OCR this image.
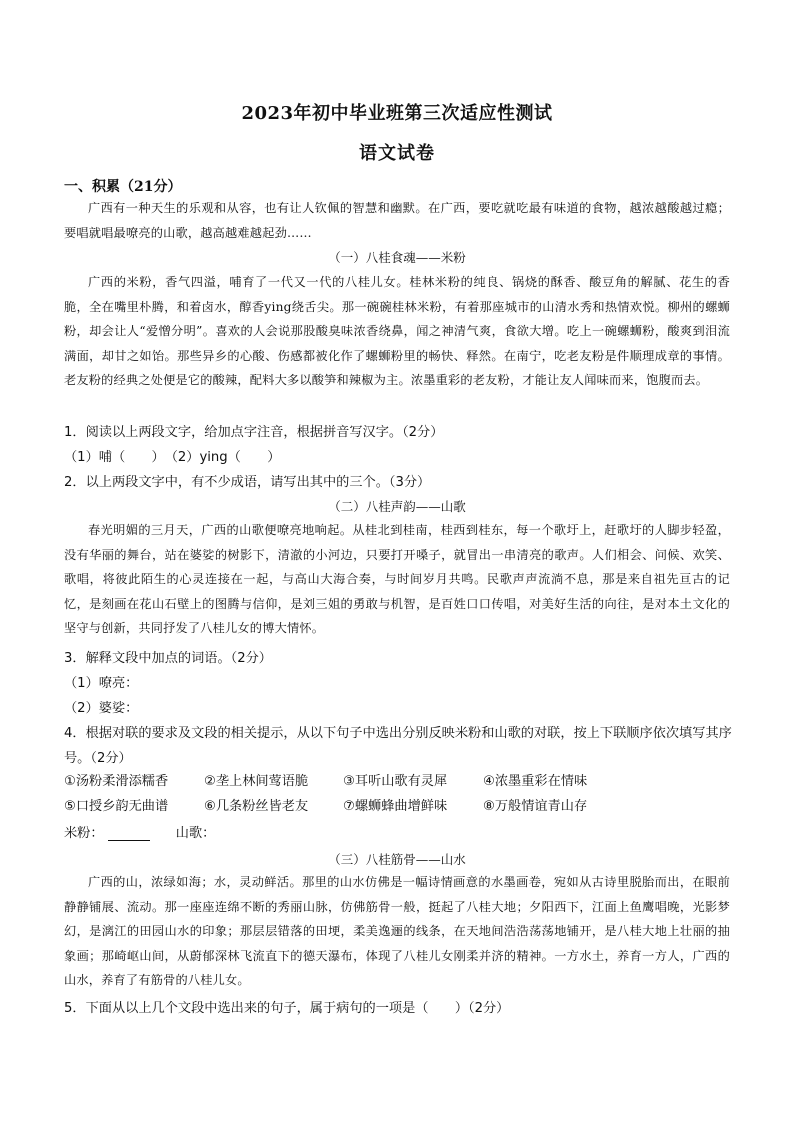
2023年初中毕业班第三次适应性测试
语文试卷
一、积累（21分）
广西有一种天生的乐观和从容，也有让人钦佩的智慧和幽默。在广西，要吃就吃最有味道的食物，越浓越酸越过瘾；要唱就唱最嘹亮的山歌，越高越难越起劲……
（一）八桂食魂——米粉
广西的米粉，香气四溢，哺育了一代又一代的八桂儿女。桂林米粉的纯良、锅烧的酥香、酸豆角的解腻、花生的香脆，全在嘴里朴腾，和着卤水，醇香ying绕舌尖。那一碗碗桂林米粉，有着那座城市的山清水秀和热情欢悦。柳州的螺蛳粉，却会让人“爱憎分明”。喜欢的人会说那股酸臭味浓香绕鼻，闻之神清气爽，食欲大增。吃上一碗螺蛳粉，酸爽到泪流满面，却甘之如饴。那些异乡的心酸、伤感都被化作了螺蛳粉里的畅快、释然。在南宁，吃老友粉是件顺理成章的事情。老友粉的经典之处便是它的酸辣，配料大多以酸笋和辣椒为主。浓墨重彩的老友粉，才能让友人闻味而来，饱腹而去。
1．阅读以上两段文字，给加点字注音，根据拼音写汉字。（2分）
（1）哺（　　）　（2）ying（　　）
2．以上两段文字中，有不少成语，请写出其中的三个。（3分）
（二）八桂声韵——山歌
春光明媚的三月天，广西的山歌便嘹亮地响起。从桂北到桂南，桂西到桂东，每一个歌圩上，赶歌圩的人脚步轻盈，没有华丽的舞台，站在婆娑的树影下，清澈的小河边，只要打开嗓子，就冒出一串清亮的歌声。人们相会、问候、欢笑、歌唱，将彼此陌生的心灵连接在一起，与高山大海合奏，与时间岁月共鸣。民歌声声流淌不息，那是来自祖先亘古的记忆，是刻画在花山石壁上的图腾与信仰，是刘三姐的勇敢与机智，是百姓口口传唱，对美好生活的向往，是对本土文化的坚守与创新，共同抒发了八桂儿女的博大情怀。
3．解释文段中加点的词语。（2分）
（1）嘹亮：
（2）婆娑：
4．根据对联的要求及文段的相关提示，从以下句子中选出分别反映米粉和山歌的对联，按上下联顺序依次填写其序号。（2分）
①汤粉柔滑添糯香	②垄上林间莺语脆	③耳听山歌有灵犀	④浓墨重彩在情味
⑤口授乡韵无曲谱	⑥几条粉丝皆老友	⑦螺蛳蜂曲增鲜味	⑧万般情谊青山存
米粉：	山歌：
（三）八桂筋骨——山水
广西的山，浓绿如海；水，灵动鲜活。那里的山水仿佛是一幅诗情画意的水墨画卷，宛如从古诗里脱胎而出，在眼前静静铺展、流动。那一座座连绵不断的秀丽山脉，仿佛筋骨一般，挺起了八桂大地；夕阳西下，江面上鱼鹰唱晚，光影梦幻，是漓江的田园山水的印象；那层层错落的田埂，柔美逸逦的线条，在天地间浩浩荡荡地铺开，是八桂大地上壮丽的抽象画；那崎岖山间，从蔚郁深林飞流直下的德天瀑布，体现了八桂儿女刚柔并济的精神。一方水土，养育一方人，广西的山水，养育了有筋骨的八桂儿女。
5．下面从以上几个文段中选出来的句子，属于病句的一项是（　　）（2分）
